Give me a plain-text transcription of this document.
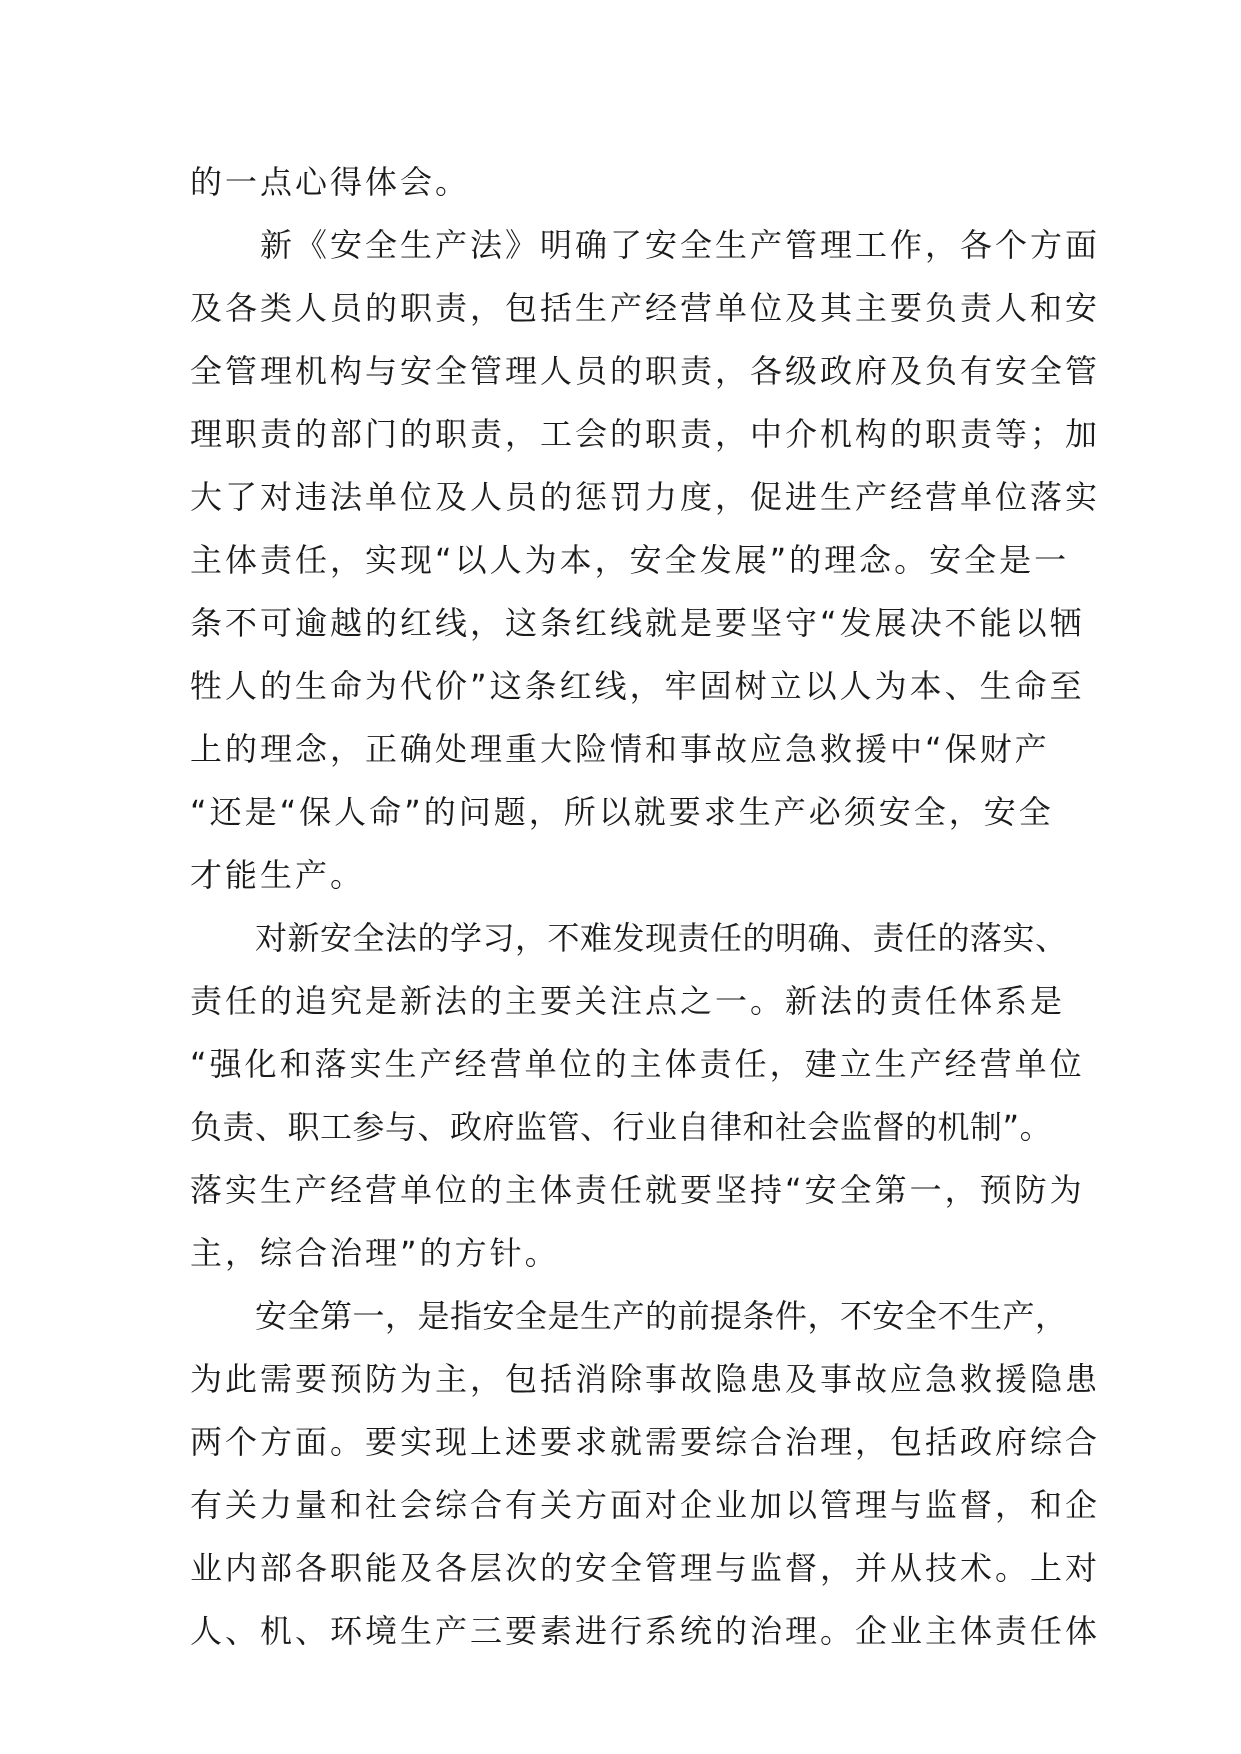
的一点心得体会。
　　新《安全生产法》明确了安全生产管理工作，各个方面
及各类人员的职责，包括生产经营单位及其主要负责人和安
全管理机构与安全管理人员的职责，各级政府及负有安全管
理职责的部门的职责，工会的职责，中介机构的职责等；加
大了对违法单位及人员的惩罚力度，促进生产经营单位落实
主体责任，实现“以人为本，安全发展”的理念。安全是一
条不可逾越的红线，这条红线就是要坚守“发展决不能以牺
牲人的生命为代价”这条红线，牢固树立以人为本、生命至
上的理念，正确处理重大险情和事故应急救援中“保财产
“还是“保人命”的问题，所以就要求生产必须安全，安全
才能生产。
　　对新安全法的学习，不难发现责任的明确、责任的落实、
责任的追究是新法的主要关注点之一。新法的责任体系是
“强化和落实生产经营单位的主体责任，建立生产经营单位
负责、职工参与、政府监管、行业自律和社会监督的机制”。
落实生产经营单位的主体责任就要坚持“安全第一，预防为
主，综合治理”的方针。
　　安全第一，是指安全是生产的前提条件，不安全不生产，
为此需要预防为主，包括消除事故隐患及事故应急救援隐患
两个方面。要实现上述要求就需要综合治理，包括政府综合
有关力量和社会综合有关方面对企业加以管理与监督，和企
业内部各职能及各层次的安全管理与监督，并从技术。上对
人、机、环境生产三要素进行系统的治理。企业主体责任体
